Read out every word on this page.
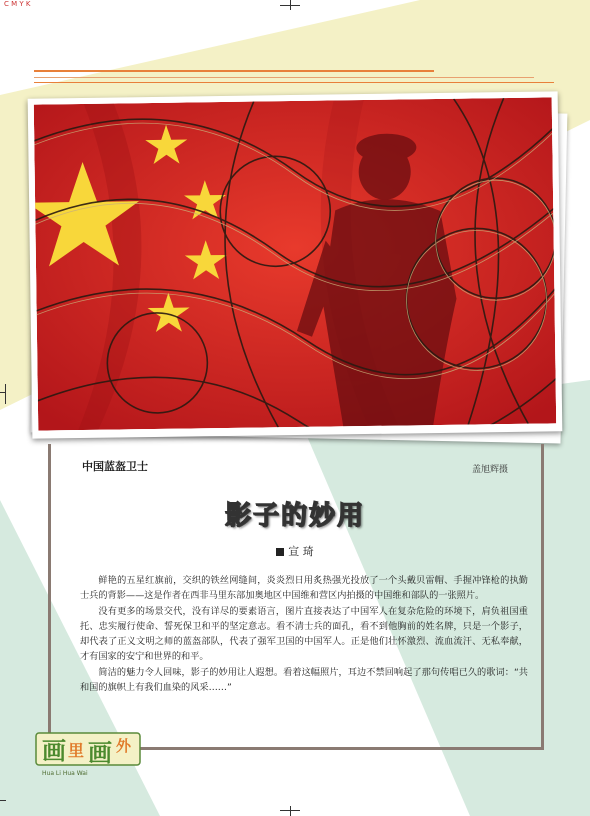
C M Y K
中国蓝盔卫士	盖旭辉摄
影子的妙用
宣 琦

鲜艳的五星红旗前，交织的铁丝网缝间，炎炎烈日用炙热强光投放了一个头戴贝雷帽、手握冲锋枪的执勤士兵的背影——这是作者在西非马里东部加奥地区中国维和营区内拍摄的中国维和部队的一张照片。

没有更多的场景交代，没有详尽的要素语言，图片直接表达了中国军人在复杂危险的环境下，肩负祖国重托、忠实履行使命、誓死保卫和平的坚定意志。看不清士兵的面孔，看不到他胸前的姓名牌，只是一个影子，却代表了正义文明之师的蓝盔部队，代表了强军卫国的中国军人。正是他们壮怀激烈、流血流汗、无私奉献，才有国家的安宁和世界的和平。

简洁的魅力令人回味，影子的妙用让人遐想。看着这幅照片，耳边不禁回响起了那句传唱已久的歌词：“共和国的旗帜上有我们血染的风采……”

画 里 画 外
Hua Li Hua Wai
